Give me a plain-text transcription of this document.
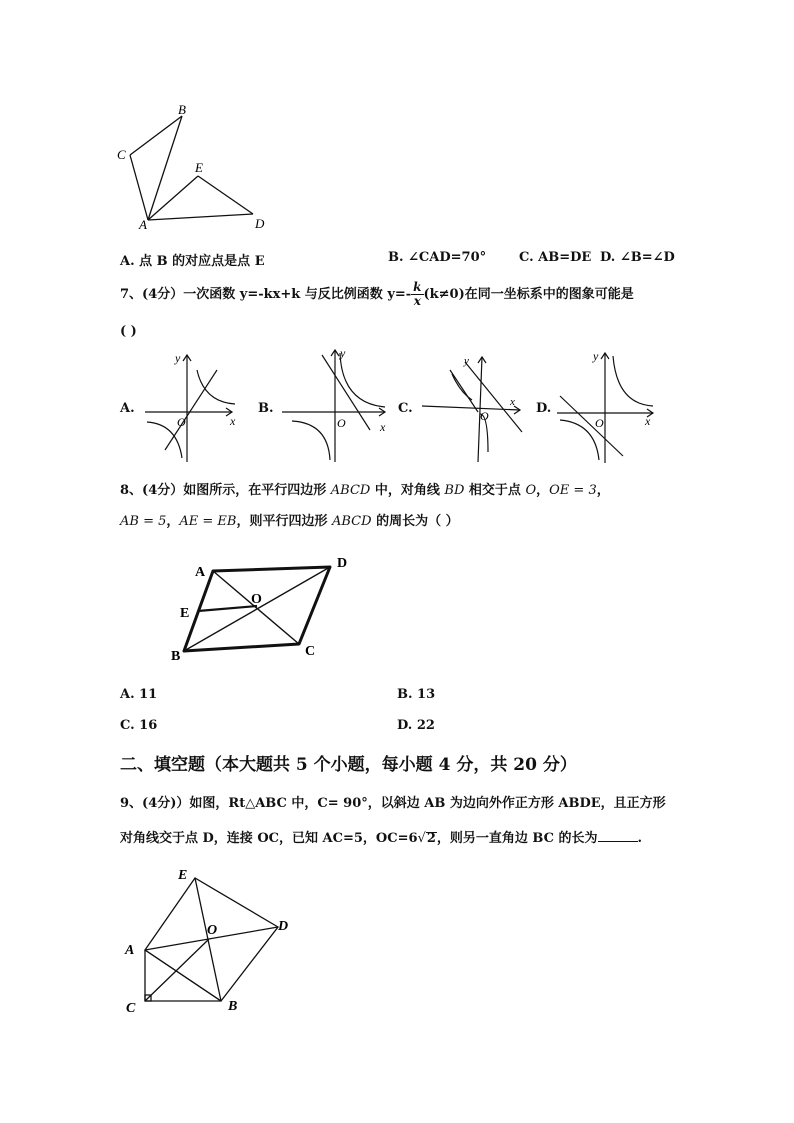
B
C
E
A	D
A. 点 B 的对应点是点 E	B. ∠CAD=70°	C. AB=DE D. ∠B=∠D
7、(4分）一次函数 y=-kx+k 与反比例函数 $y=- \frac{k}{x} (k\ne 0)$在同一坐标系中的图象可能是
( )
A.	B.	C.	D.
y
x
O
y
x
O
y
x
O
y
x
O
8、(4分）如图所示，在平行四边形 ABCD 中，对角线 BD 相交于点 O，OE = 3，
AB = 5，AE = EB，则平行四边形 ABCD 的周长为（ ）
A
D
O
E
B	C
A. 11	B. 13
C. 16	D. 22
二、填空题（本大题共 5 个小题，每小题 4 分，共 20 分）
9、(4分)）如图，Rt△ABC 中，C= 90°，以斜边 AB 为边向外作正方形 ABDE，且正方形
对角线交于点 D，连接 OC，已知 AC=5，OC=6√2，则另一直角边 BC 的长为	.
E
D
O
A
C	B
